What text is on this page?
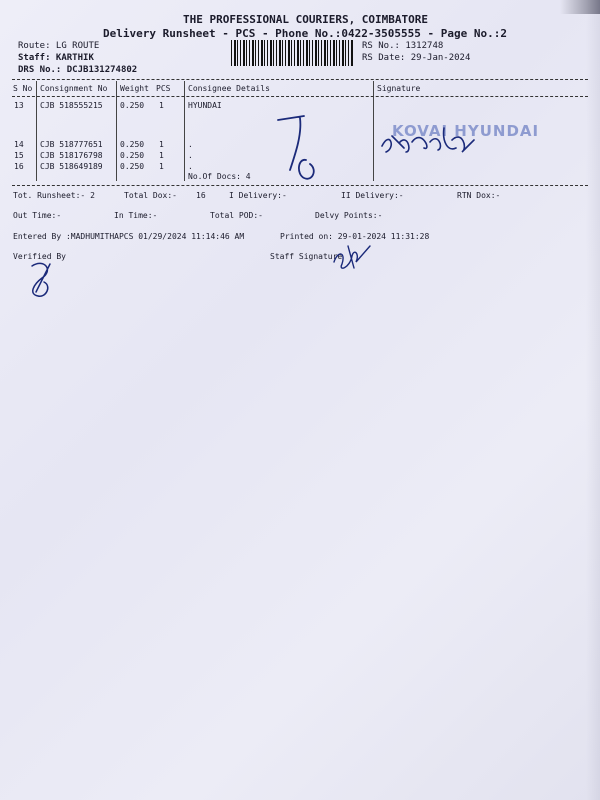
THE PROFESSIONAL COURIERS, COIMBATORE
Delivery Runsheet - PCS - Phone No.:0422-3505555 - Page No.:2
Route: LG ROUTE
Staff: KARTHIK
DRS No.: DCJB131274802
RS No.: 1312748
RS Date: 29-Jan-2024
S No Consignment No Weight PCS Consignee Details	Signature
13 CJB 518555215 0.250 1	HYUNDAI
14 CJB 518777651 0.250 1	.
15 CJB 518176798 0.250 1	.
16 CJB 518649189 0.250 1	.
No.Of Docs: 4
KOVAI HYUNDAI
Tot. Runsheet:- 2	Total Dox:- 16	I Delivery:-	II Delivery:-	RTN Dox:-
Out Time:-	In Time:-	Total POD:-	Delvy Points:-
Entered By :MADHUMITHAPCS 01/29/2024 11:14:46 AM	Printed on: 29-01-2024 11:31:28
Verified By	Staff Signature
